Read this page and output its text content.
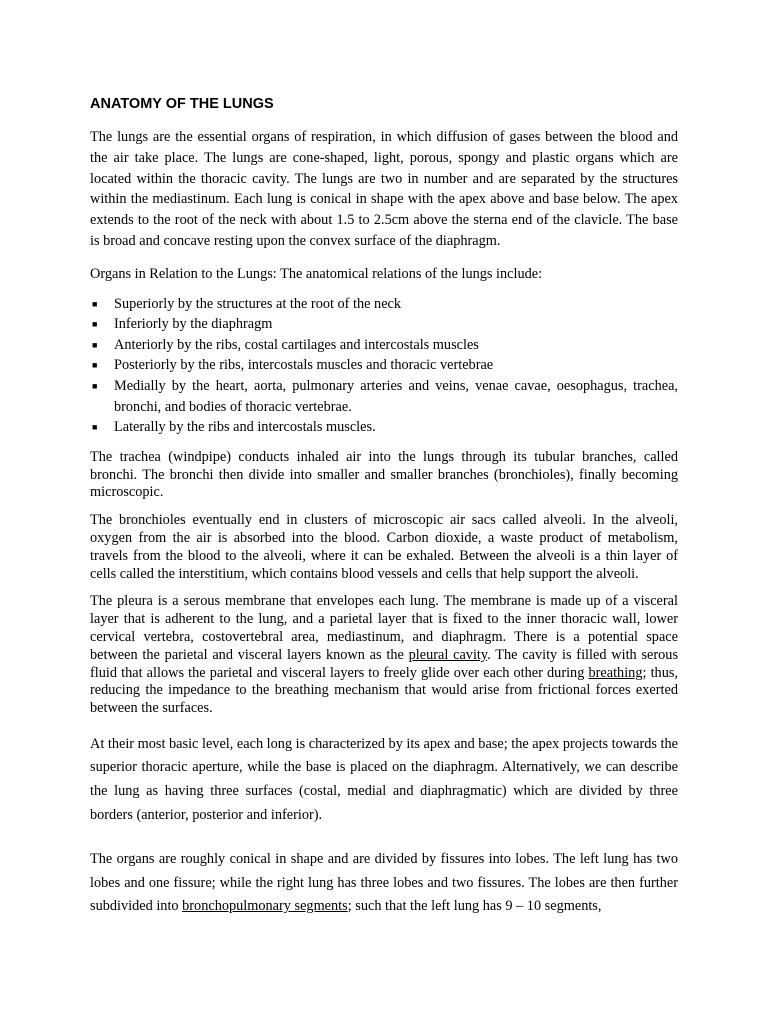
ANATOMY OF THE LUNGS

The lungs are the essential organs of respiration, in which diffusion of gases between the blood and the air take place. The lungs are cone-shaped, light, porous, spongy and plastic organs which are located within the thoracic cavity. The lungs are two in number and are separated by the structures within the mediastinum. Each lung is conical in shape with the apex above and base below. The apex extends to the root of the neck with about 1.5 to 2.5cm above the sterna end of the clavicle. The base is broad and concave resting upon the convex surface of the diaphragm.

Organs in Relation to the Lungs: The anatomical relations of the lungs include:

■ Superiorly by the structures at the root of the neck
■ Inferiorly by the diaphragm
■ Anteriorly by the ribs, costal cartilages and intercostals muscles
■ Posteriorly by the ribs, intercostals muscles and thoracic vertebrae
■ Medially by the heart, aorta, pulmonary arteries and veins, venae cavae, oesophagus, trachea, bronchi, and bodies of thoracic vertebrae.
■ Laterally by the ribs and intercostals muscles.

The trachea (windpipe) conducts inhaled air into the lungs through its tubular branches, called bronchi. The bronchi then divide into smaller and smaller branches (bronchioles), finally becoming microscopic.

The bronchioles eventually end in clusters of microscopic air sacs called alveoli. In the alveoli, oxygen from the air is absorbed into the blood. Carbon dioxide, a waste product of metabolism, travels from the blood to the alveoli, where it can be exhaled. Between the alveoli is a thin layer of cells called the interstitium, which contains blood vessels and cells that help support the alveoli.

The pleura is a serous membrane that envelopes each lung. The membrane is made up of a visceral layer that is adherent to the lung, and a parietal layer that is fixed to the inner thoracic wall, lower cervical vertebra, costovertebral area, mediastinum, and diaphragm. There is a potential space between the parietal and visceral layers known as the pleural cavity. The cavity is filled with serous fluid that allows the parietal and visceral layers to freely glide over each other during breathing; thus, reducing the impedance to the breathing mechanism that would arise from frictional forces exerted between the surfaces.

At their most basic level, each long is characterized by its apex and base; the apex projects towards the superior thoracic aperture, while the base is placed on the diaphragm. Alternatively, we can describe the lung as having three surfaces (costal, medial and diaphragmatic) which are divided by three borders (anterior, posterior and inferior).

The organs are roughly conical in shape and are divided by fissures into lobes. The left lung has two lobes and one fissure; while the right lung has three lobes and two fissures. The lobes are then further subdivided into bronchopulmonary segments; such that the left lung has 9 – 10 segments,
